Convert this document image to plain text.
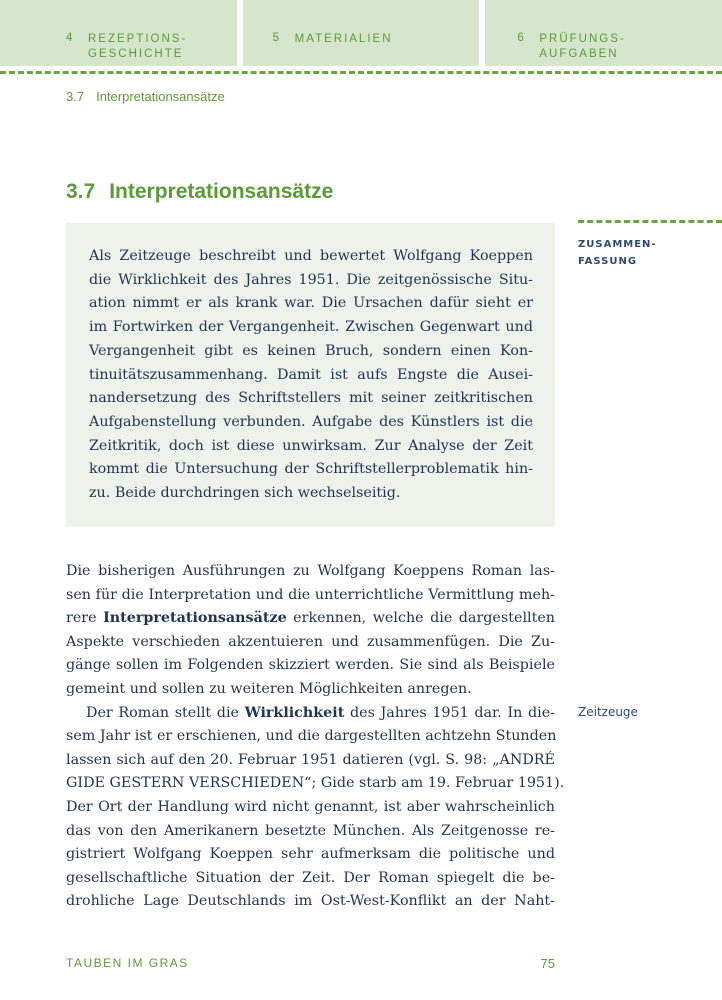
4 REZEPTIONS-
GESCHICHTE
5 MATERIALIEN	6 PRÜFUNGS-
AUFGABEN
3.7 Interpretationsansätze
3.7 Interpretationsansätze
Als Zeitzeuge beschreibt und bewertet Wolfgang Koeppen
die Wirklichkeit des Jahres 1951. Die zeitgenössische Situ-
ation nimmt er als krank war. Die Ursachen dafür sieht er
im Fortwirken der Vergangenheit. Zwischen Gegenwart und
Vergangenheit gibt es keinen Bruch, sondern einen Kon-
tinuitätszusammenhang. Damit ist aufs Engste die Ausei-
nandersetzung des Schriftstellers mit seiner zeitkritischen
Aufgabenstellung verbunden. Aufgabe des Künstlers ist die
Zeitkritik, doch ist diese unwirksam. Zur Analyse der Zeit
kommt die Untersuchung der Schriftstellerproblematik hin-
zu. Beide durchdringen sich wechselseitig.
ZUSAMMEN-
FASSUNG
Die bisherigen Ausführungen zu Wolfgang Koeppens Roman las-
sen für die Interpretation und die unterrichtliche Vermittlung meh-
rere Interpretationsansätze erkennen, welche die dargestellten
Aspekte verschieden akzentuieren und zusammenfügen. Die Zu-
gänge sollen im Folgenden skizziert werden. Sie sind als Beispiele
gemeint und sollen zu weiteren Möglichkeiten anregen.
Der Roman stellt die Wirklichkeit des Jahres 1951 dar. In die-
sem Jahr ist er erschienen, und die dargestellten achtzehn Stunden
lassen sich auf den 20. Februar 1951 datieren (vgl. S. 98: „ANDRÉ
GIDE GESTERN VERSCHIEDEN“; Gide starb am 19. Februar 1951).
Der Ort der Handlung wird nicht genannt, ist aber wahrscheinlich
das von den Amerikanern besetzte München. Als Zeitgenosse re-
gistriert Wolfgang Koeppen sehr aufmerksam die politische und
gesellschaftliche Situation der Zeit. Der Roman spiegelt die be-
drohliche Lage Deutschlands im Ost-West-Konflikt an der Naht-
Zeitzeuge
TAUBEN IM GRAS	75
